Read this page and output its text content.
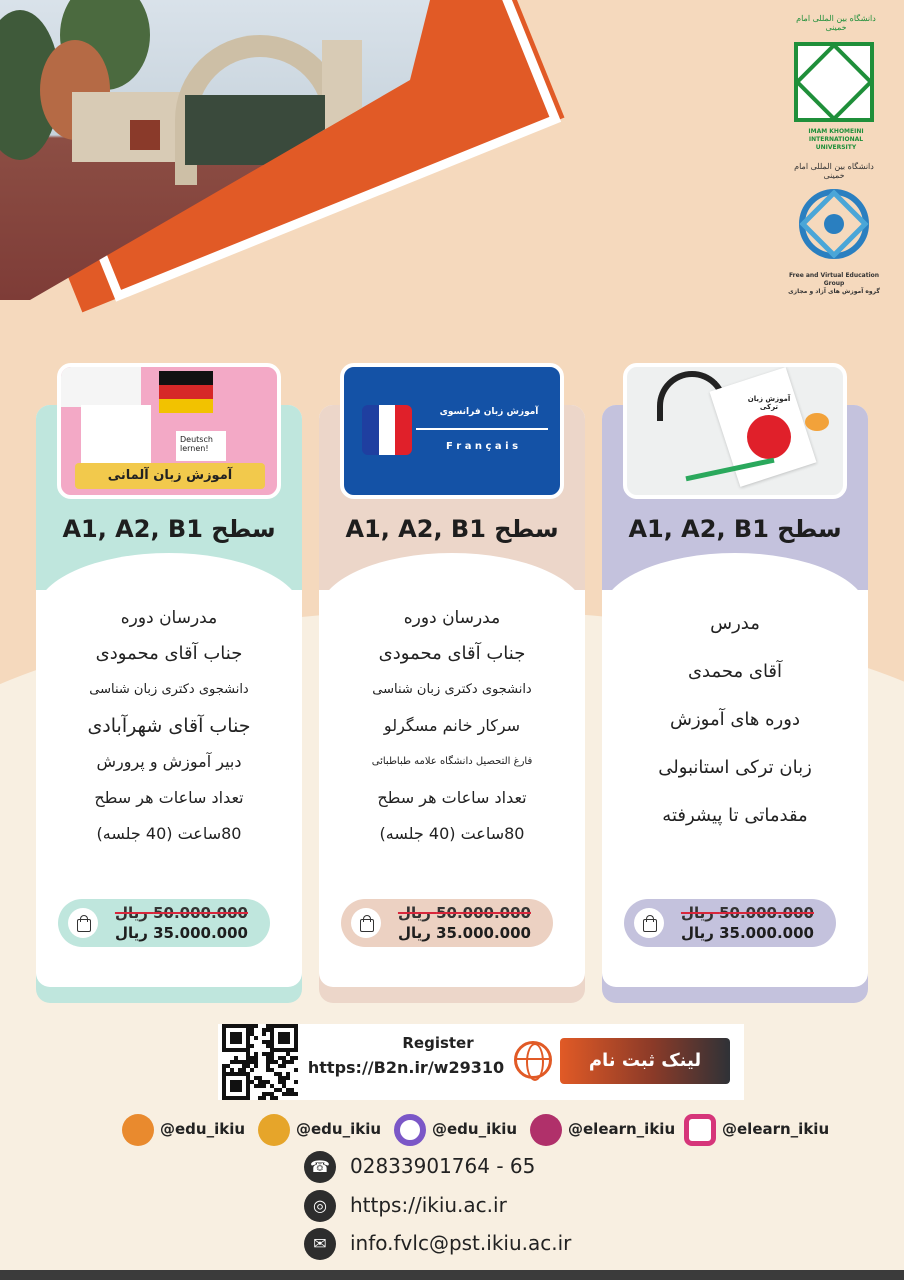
دانشگاه بین المللی امام خمینی
IMAM KHOMEINI
INTERNATIONAL UNIVERSITY
دانشگاه بین المللی امام خمینی
Free and Virtual Education Group
گروه آموزش های آزاد و مجازی
A1, A2, B1 سطح
مدرسان دوره
جناب آقای محمودی
دانشجوی دکتری زبان شناسی
جناب آقای شهرآبادی
دبیر آموزش و پرورش
تعداد ساعات هر سطح
80ساعت (40 جلسه)
50.000.000 ریال
35.000.000 ریال
Deutsch lernen!
آموزش زبان آلمانی
A1, A2, B1 سطح
مدرسان دوره
جناب آقای محمودی
دانشجوی دکتری زبان شناسی
سرکار خانم مسگرلو
فارغ التحصیل دانشگاه علامه طباطبائی
تعداد ساعات هر سطح
80ساعت (40 جلسه)
50.000.000 ریال
35.000.000 ریال
آموزش زبان فرانسوی
F r a n ç a i s
A1, A2, B1 سطح
مدرس
آقای محمدی
دوره های آموزش
زبان ترکی استانبولی
مقدماتی تا پیشرفته
50.000.000 ریال
35.000.000 ریال
آموزش زبان ترکی
Register
https://B2n.ir/w29310	لینک ثبت نام
@edu_ikiu	@edu_ikiu	@edu_ikiu	@elearn_ikiu	@elearn_ikiu
☎	02833901764 - 65
◎	https://ikiu.ac.ir
✉	info.fvlc@pst.ikiu.ac.ir
